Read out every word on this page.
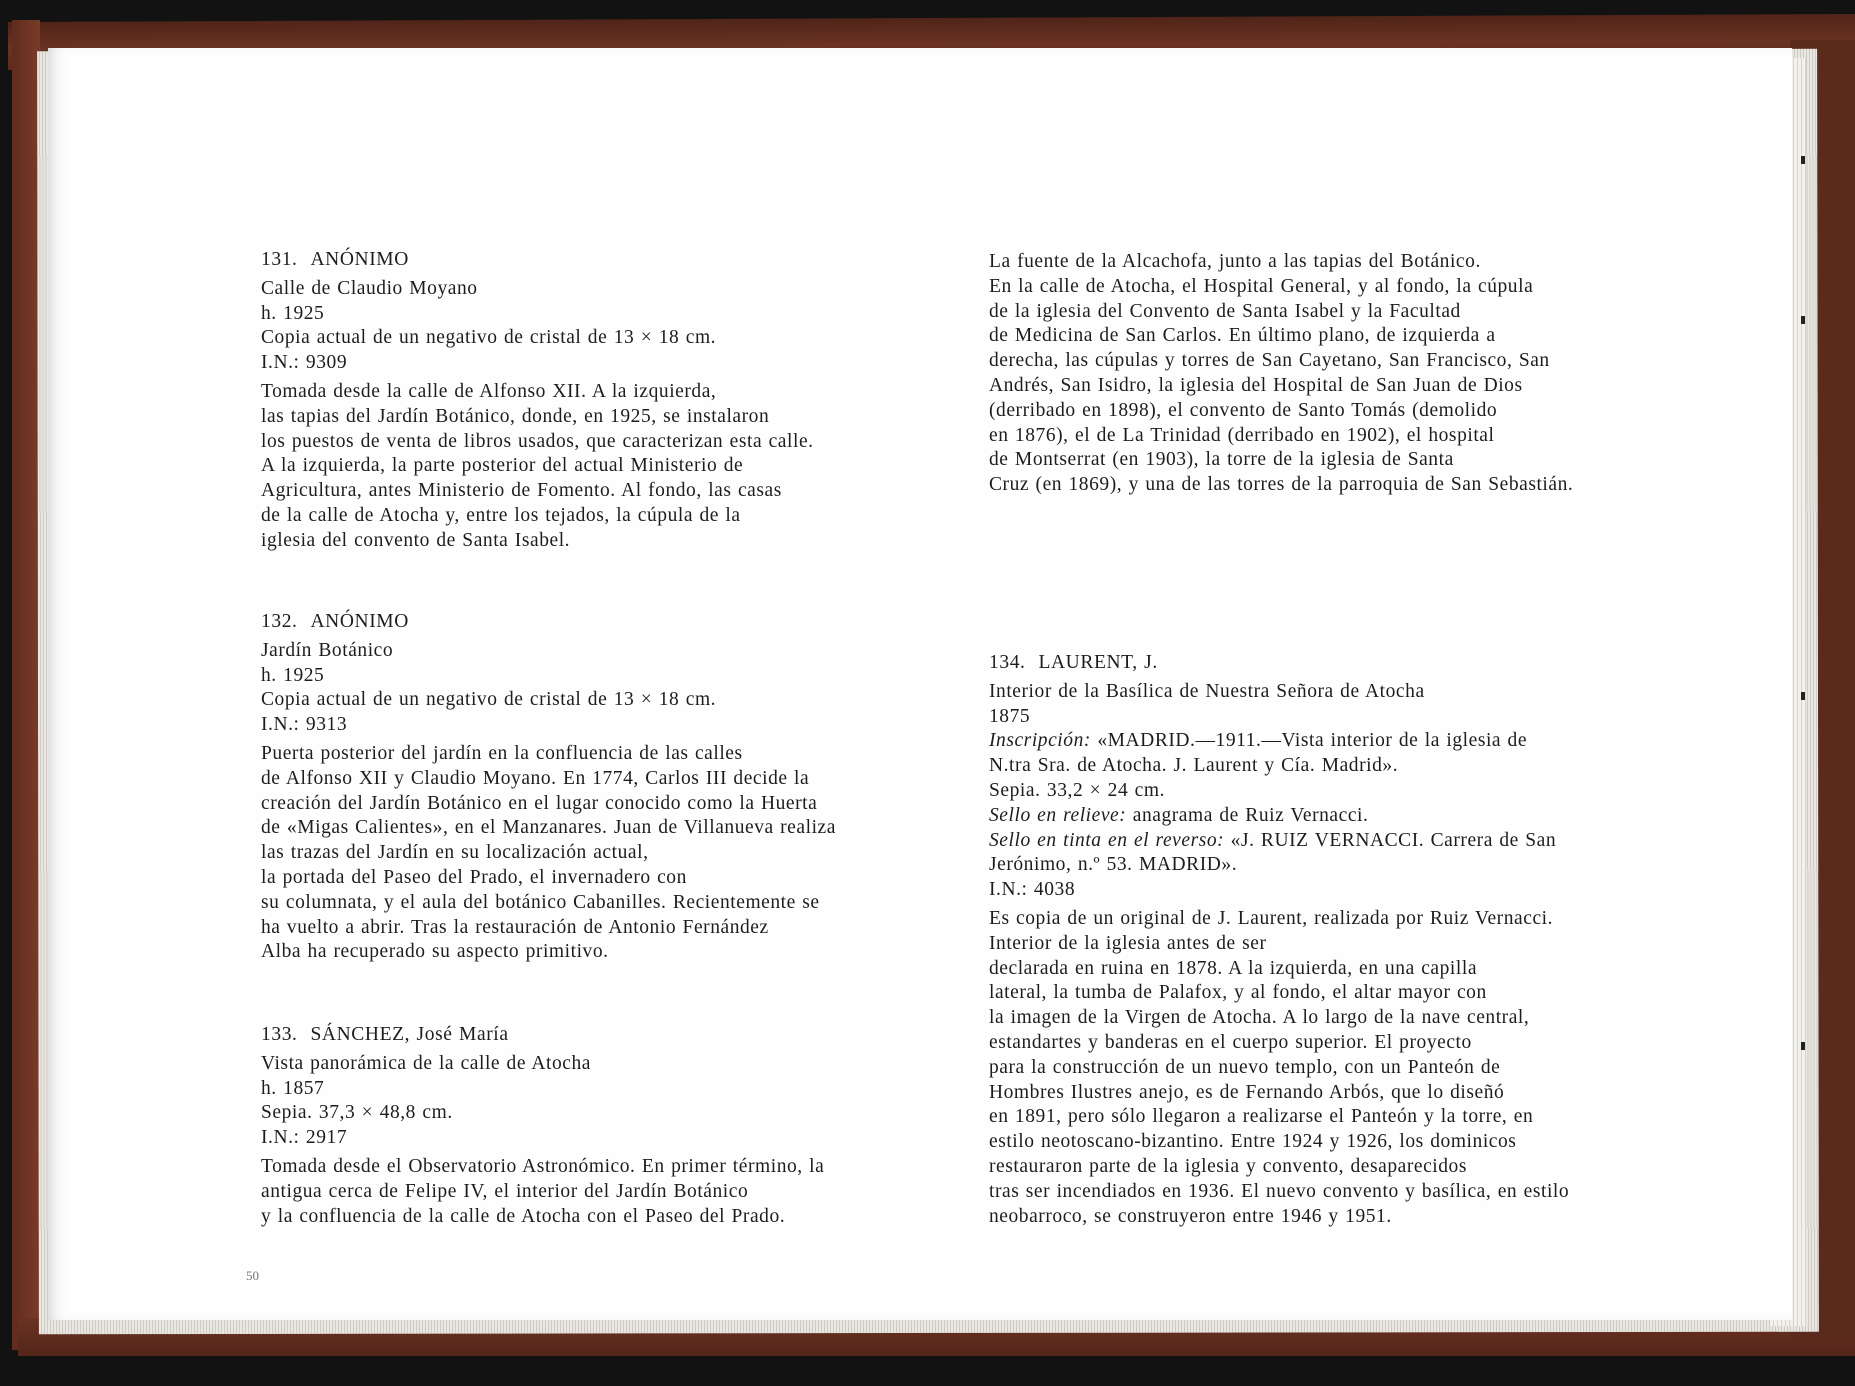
131. ANÓNIMO
Calle de Claudio Moyano
h. 1925
Copia actual de un negativo de cristal de 13 × 18 cm.
I.N.: 9309
Tomada desde la calle de Alfonso XII. A la izquierda,
las tapias del Jardín Botánico, donde, en 1925, se instalaron
los puestos de venta de libros usados, que caracterizan esta calle.
A la izquierda, la parte posterior del actual Ministerio de
Agricultura, antes Ministerio de Fomento. Al fondo, las casas
de la calle de Atocha y, entre los tejados, la cúpula de la
iglesia del convento de Santa Isabel.
132. ANÓNIMO
Jardín Botánico
h. 1925
Copia actual de un negativo de cristal de 13 × 18 cm.
I.N.: 9313
Puerta posterior del jardín en la confluencia de las calles
de Alfonso XII y Claudio Moyano. En 1774, Carlos III decide la
creación del Jardín Botánico en el lugar conocido como la Huerta
de «Migas Calientes», en el Manzanares. Juan de Villanueva realiza
las trazas del Jardín en su localización actual,
la portada del Paseo del Prado, el invernadero con
su columnata, y el aula del botánico Cabanilles. Recientemente se
ha vuelto a abrir. Tras la restauración de Antonio Fernández
Alba ha recuperado su aspecto primitivo.
133. SÁNCHEZ, José María
Vista panorámica de la calle de Atocha
h. 1857
Sepia. 37,3 × 48,8 cm.
I.N.: 2917
Tomada desde el Observatorio Astronómico. En primer término, la
antigua cerca de Felipe IV, el interior del Jardín Botánico
y la confluencia de la calle de Atocha con el Paseo del Prado.
La fuente de la Alcachofa, junto a las tapias del Botánico.
En la calle de Atocha, el Hospital General, y al fondo, la cúpula
de la iglesia del Convento de Santa Isabel y la Facultad
de Medicina de San Carlos. En último plano, de izquierda a
derecha, las cúpulas y torres de San Cayetano, San Francisco, San
Andrés, San Isidro, la iglesia del Hospital de San Juan de Dios
(derribado en 1898), el convento de Santo Tomás (demolido
en 1876), el de La Trinidad (derribado en 1902), el hospital
de Montserrat (en 1903), la torre de la iglesia de Santa
Cruz (en 1869), y una de las torres de la parroquia de San Sebastián.
134. LAURENT, J.
Interior de la Basílica de Nuestra Señora de Atocha
1875
Inscripción: «MADRID.—1911.—Vista interior de la iglesia de
N.tra Sra. de Atocha. J. Laurent y Cía. Madrid».
Sepia. 33,2 × 24 cm.
Sello en relieve: anagrama de Ruiz Vernacci.
Sello en tinta en el reverso: «J. RUIZ VERNACCI. Carrera de San
Jerónimo, n.º 53. MADRID».
I.N.: 4038
Es copia de un original de J. Laurent, realizada por Ruiz Vernacci.
Interior de la iglesia antes de ser
declarada en ruina en 1878. A la izquierda, en una capilla
lateral, la tumba de Palafox, y al fondo, el altar mayor con
la imagen de la Virgen de Atocha. A lo largo de la nave central,
estandartes y banderas en el cuerpo superior. El proyecto
para la construcción de un nuevo templo, con un Panteón de
Hombres Ilustres anejo, es de Fernando Arbós, que lo diseñó
en 1891, pero sólo llegaron a realizarse el Panteón y la torre, en
estilo neotoscano-bizantino. Entre 1924 y 1926, los dominicos
restauraron parte de la iglesia y convento, desaparecidos
tras ser incendiados en 1936. El nuevo convento y basílica, en estilo
neobarroco, se construyeron entre 1946 y 1951.
50
